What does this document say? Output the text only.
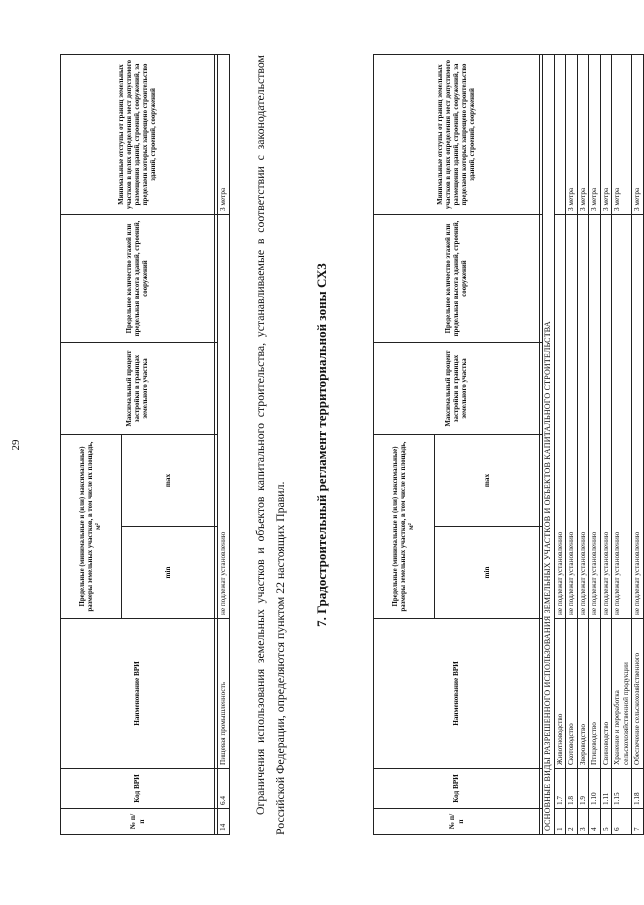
29
№ п/п	Код ВРИ	Наименование ВРИ	Предельные (минимальные и (или) максимальные) размеры земельных участков, в том числе их площадь, м²		Максимальный процент застройки в границах земельного участка	Предельное количество этажей или предельная высота зданий, строений, сооружений	Минимальные отступы от границ земельных участков в целях определения мест допустимого размещения зданий, строений, сооружений, за пределами которых запрещено строительство зданий, строений, сооружений
			min	max			

14	6.4	Пищевая промышленность	не подлежат установлению				3 метра Ограничения использования земельных участков и объектов капитального строительства, устанавливаемые в соответствии с законодательством Российской Федерации, определяются пунктом 22 настоящих Правил.
7. Градостроительный регламент территориальной зоны СХ3
№ п/п	Код ВРИ	Наименование ВРИ	Предельные (минимальные и (или) максимальные) размеры земельных участков, в том числе их площадь, м²		Максимальный процент застройки в границах земельного участка	Предельное количество этажей или предельная высота зданий, строений, сооружений	Минимальные отступы от границ земельных участков в целях определения мест допустимого размещения зданий, строений, сооружений, за пределами которых запрещено строительство зданий, строений, сооружений
			min	max			

ОСНОВНЫЕ ВИДЫ РАЗРЕШЕННОГО ИСПОЛЬЗОВАНИЯ ЗЕМЕЛЬНЫХ УЧАСТКОВ И ОБЪЕКТОВ КАПИТАЛЬНОГО СТРОИТЕЛЬСТВА							
1	1.7	Животноводство	не подлежат установлению				
2	1.8	Скотоводство	не подлежат установлению				3 метра
3	1.9	Звероводство	не подлежат установлению				3 метра
4	1.10	Птицеводство	не подлежат установлению				3 метра
5	1.11	Свиноводство	не подлежат установлению				3 метра
6	1.15	Хранение и переработка сельскохозяйственной продукции	не подлежат установлению				3 метра
7	1.18	Обеспечение сельскохозяйственного	не подлежат установлению				3 метра
